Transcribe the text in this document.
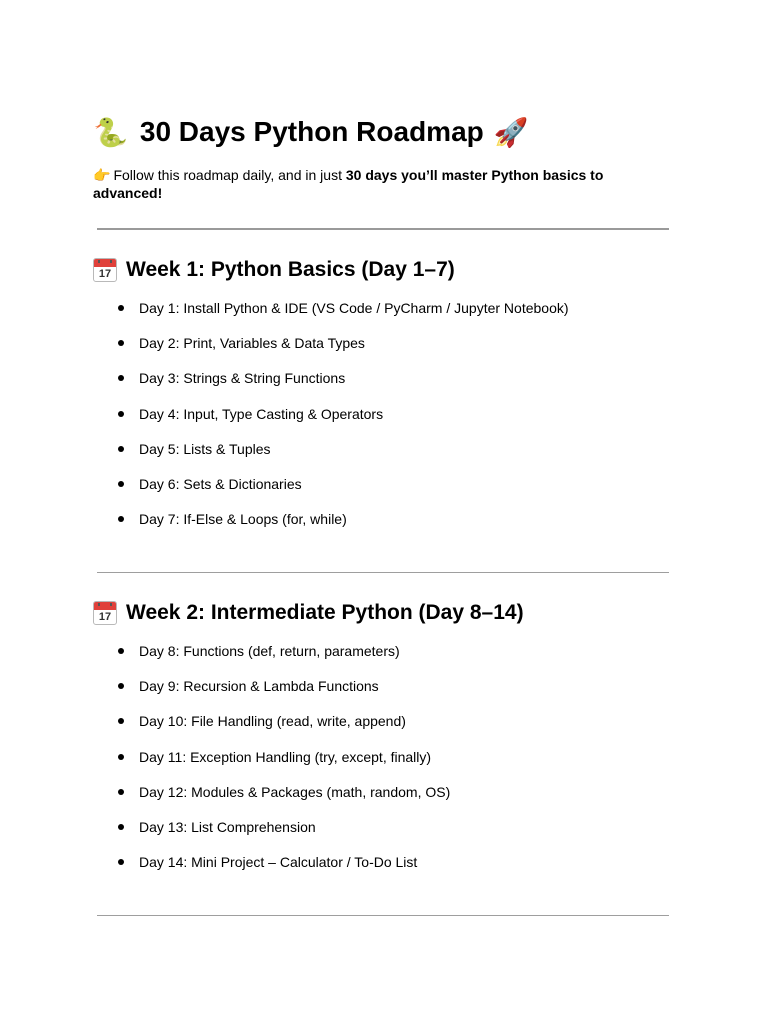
🐍 30 Days Python Roadmap 🚀
👉 Follow this roadmap daily, and in just 30 days you’ll master Python basics to advanced!
17 Week 1: Python Basics (Day 1–7)
Day 1: Install Python & IDE (VS Code / PyCharm / Jupyter Notebook)
Day 2: Print, Variables & Data Types
Day 3: Strings & String Functions
Day 4: Input, Type Casting & Operators
Day 5: Lists & Tuples
Day 6: Sets & Dictionaries
Day 7: If-Else & Loops (for, while)
17 Week 2: Intermediate Python (Day 8–14)
Day 8: Functions (def, return, parameters)
Day 9: Recursion & Lambda Functions
Day 10: File Handling (read, write, append)
Day 11: Exception Handling (try, except, finally)
Day 12: Modules & Packages (math, random, OS)
Day 13: List Comprehension
Day 14: Mini Project – Calculator / To-Do List
